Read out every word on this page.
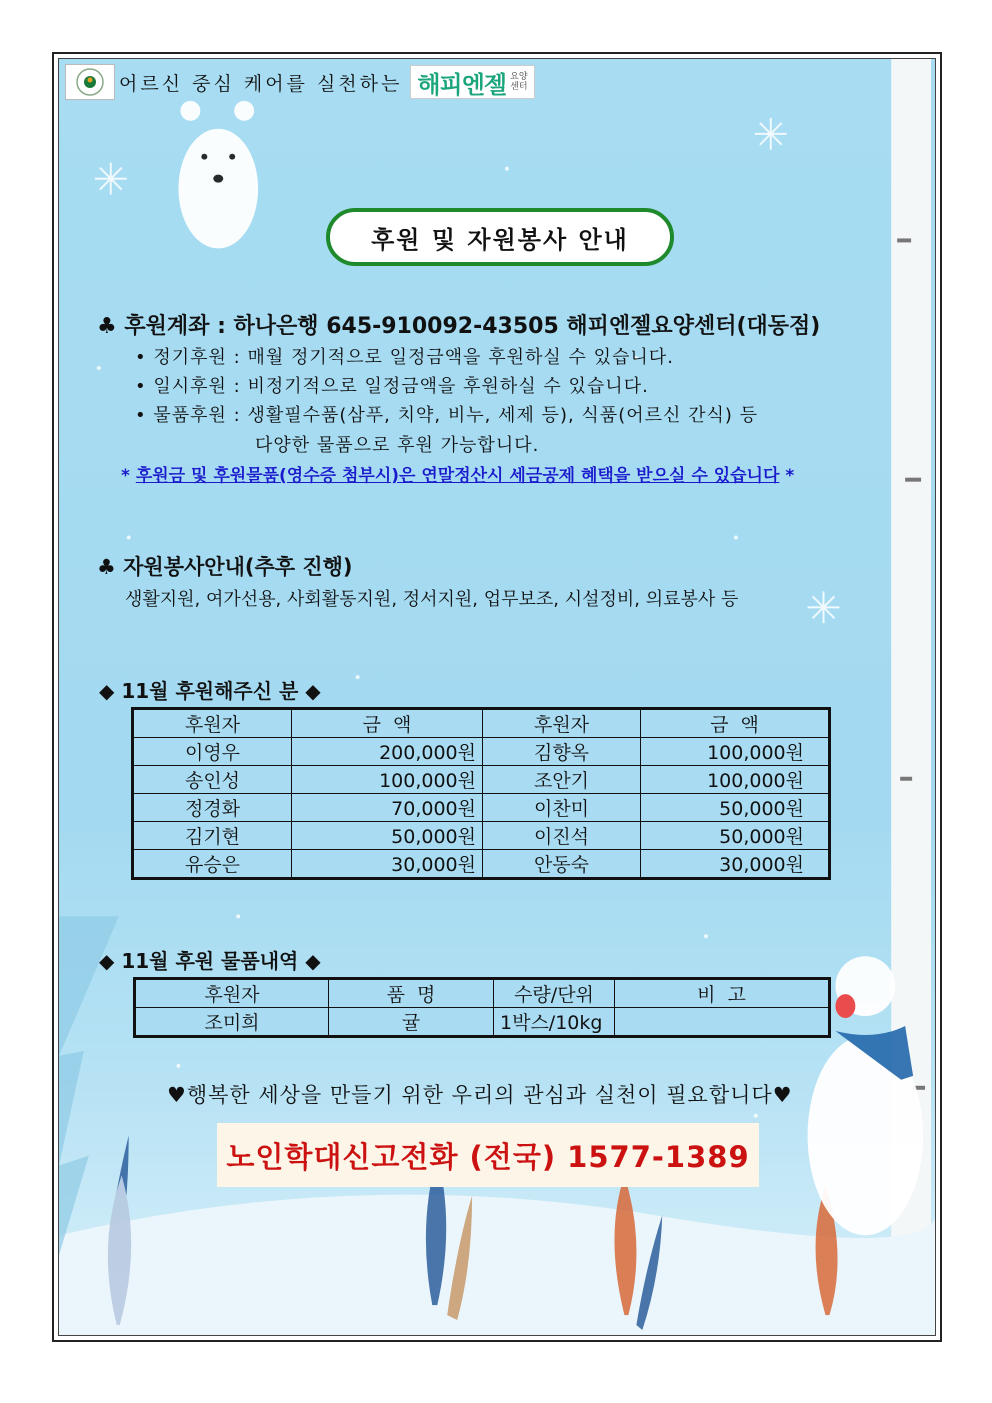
어르신 중심 케어를 실천하는 해피엔젤 요양
센터
후원 및 자원봉사 안내
♣ 후원계좌 : 하나은행 645-910092-43505 해피엔젤요양센터(대동점)
• 정기후원 : 매월 정기적으로 일정금액을 후원하실 수 있습니다.
• 일시후원 : 비정기적으로 일정금액을 후원하실 수 있습니다.
• 물품후원 : 생활필수품(삼푸, 치약, 비누, 세제 등), 식품(어르신 간식) 등
다양한 물품으로 후원 가능합니다.
* 후원금 및 후원물품(영수증 첨부시)은 연말정산시 세금공제 혜택을 받으실 수 있습니다 *
♣ 자원봉사안내(추후 진행)
생활지원, 여가선용, 사회활동지원, 정서지원, 업무보조, 시설정비, 의료봉사 등
◆ 11월 후원해주신 분 ◆
후원자	금  액	후원자	금  액
이영우	200,000원	김향옥	100,000원
송인성	100,000원	조안기	100,000원
정경화	70,000원	이찬미	50,000원
김기현	50,000원	이진석	50,000원
유승은	30,000원	안동숙	30,000원
◆ 11월 후원 물품내역 ◆
후원자	품  명	수량/단위	비  고
조미희	귤	1박스/10kg	
♥행복한 세상을 만들기 위한 우리의 관심과 실천이 필요합니다♥
노인학대신고전화 (전국) 1577-1389
